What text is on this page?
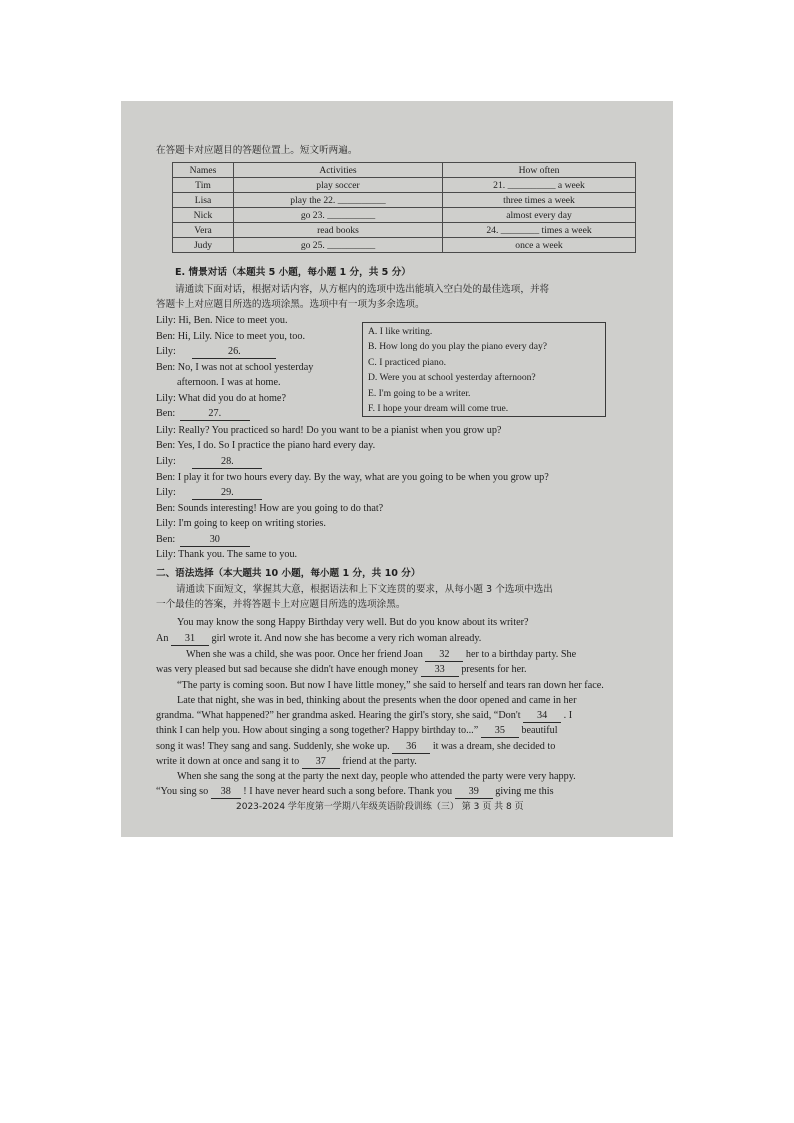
在答题卡对应题目的答题位置上。短文听两遍。
Names	Activities	How often
Tim	play soccer	21. __________ a week
Lisa	play the 22. __________	three times a week
Nick	go 23. __________	almost every day
Vera	read books	24. ________ times a week
Judy	go 25. __________	once a week
E. 情景对话（本题共 5 小题，每小题 1 分，共 5 分）
请通读下面对话，根据对话内容，从方框内的选项中选出能填入空白处的最佳选项，并将
答题卡上对应题目所选的选项涂黑。选项中有一项为多余选项。
A. I like writing.
B. How long do you play the piano every day?
C. I practiced piano.
D. Were you at school yesterday afternoon?
E. I'm going to be a writer.
F. I hope your dream will come true.
Lily: Hi, Ben. Nice to meet you.
Ben: Hi, Lily. Nice to meet you, too.
Lily:	26.
Ben: No, I was not at school yesterday
afternoon. I was at home.
Lily: What did you do at home?
Ben:	27.
Lily: Really? You practiced so hard! Do you want to be a pianist when you grow up?
Ben: Yes, I do. So I practice the piano hard every day.
Lily:	28.
Ben: I play it for two hours every day. By the way, what are you going to be when you grow up?
Lily:	29.
Ben: Sounds interesting! How are you going to do that?
Lily: I'm going to keep on writing stories.
Ben:	30
Lily: Thank you. The same to you.
二、语法选择（本大题共 10 小题，每小题 1 分，共 10 分）
请通读下面短文，掌握其大意，根据语法和上下文连贯的要求，从每小题 3 个选项中选出
一个最佳的答案，并将答题卡上对应题目所选的选项涂黑。
You may know the song Happy Birthday very well. But do you know about its writer?
An 31 girl wrote it. And now she has become a very rich woman already.
When she was a child, she was poor. Once her friend Joan 32 her to a birthday party. She
was very pleased but sad because she didn't have enough money 33 presents for her.
“The party is coming soon. But now I have little money,” she said to herself and tears ran down her face.
Late that night, she was in bed, thinking about the presents when the door opened and came in her
grandma. “What happened?” her grandma asked. Hearing the girl's story, she said, “Don't 34 . I
think I can help you. How about singing a song together? Happy birthday to...” 35 beautiful
song it was! They sang and sang. Suddenly, she woke up. 36 it was a dream, she decided to
write it down at once and sang it to 37 friend at the party.
When she sang the song at the party the next day, people who attended the party were very happy.
“You sing so 38 ! I have never heard such a song before. Thank you 39 giving me this
2023-2024 学年度第一学期八年级英语阶段训练（三） 第 3 页 共 8 页
